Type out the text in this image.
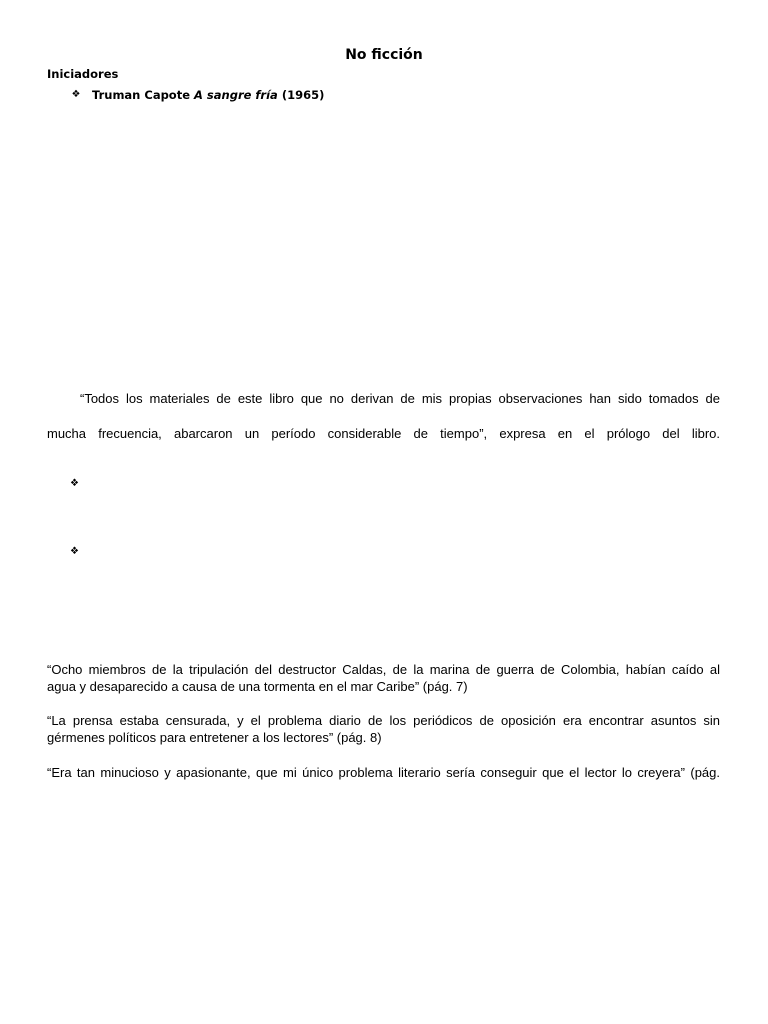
No ficción
Iniciadores
❖ Truman Capote A sangre fría (1965)
“Todos los materiales de este libro que no derivan de mis propias observaciones han sido tomados de
mucha frecuencia, abarcaron un período considerable de tiempo”, expresa en el prólogo del libro.
❖
❖
“Ocho miembros de la tripulación del destructor Caldas, de la marina de guerra de Colombia, habían caído al
agua y desaparecido a causa de una tormenta en el mar Caribe” (pág. 7)
“La prensa estaba censurada, y el problema diario de los periódicos de oposición era encontrar asuntos sin
gérmenes políticos para entretener a los lectores” (pág. 8)
“Era tan minucioso y apasionante, que mi único problema literario sería conseguir que el lector lo creyera” (pág.
